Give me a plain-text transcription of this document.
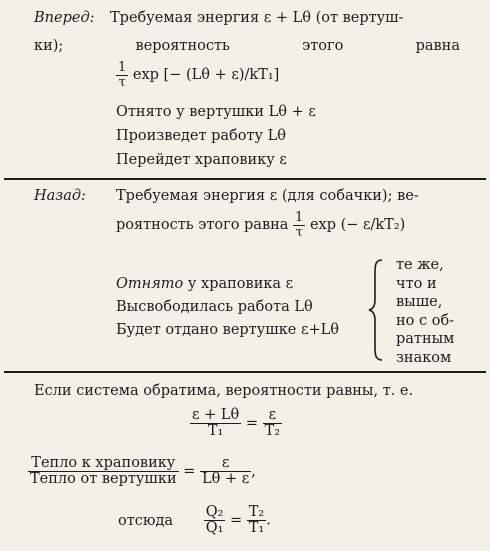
Вперед: Требуемая энергия ε + Lθ (от вертуш-
ки);	вероятность	этого	равна
$\frac{1}{\tau}$ exp [− (Lθ + ε)/kT₁]
Отнято у вертушки Lθ + ε
Произведет работу Lθ
Перейдет храповику ε
Назад: Требуемая энергия ε (для собачки); ве-
роятность этого равна $\frac{1}{\tau}$ exp (− ε/kT₂)
Отнято у храповика ε
Высвободилась работа Lθ
Будет отдано вертушке ε+Lθ
те же,
что и
выше,
но с об-
ратным
знаком
Если система обратима, вероятности равны, т. е.
$\frac{\varepsilon + L\theta}{\text{T₁}} = \frac{\varepsilon}{\text{T₂}}$
$\frac{\text{Тепло к храповику}}{\text{Тепло от вертушки}} = \frac{\varepsilon}{L\theta + \varepsilon}$ ,
отсюда $\frac{\text{Q₂}}{\text{Q₁}} = \frac{\text{T₂}}{\text{T₁}}$ .
